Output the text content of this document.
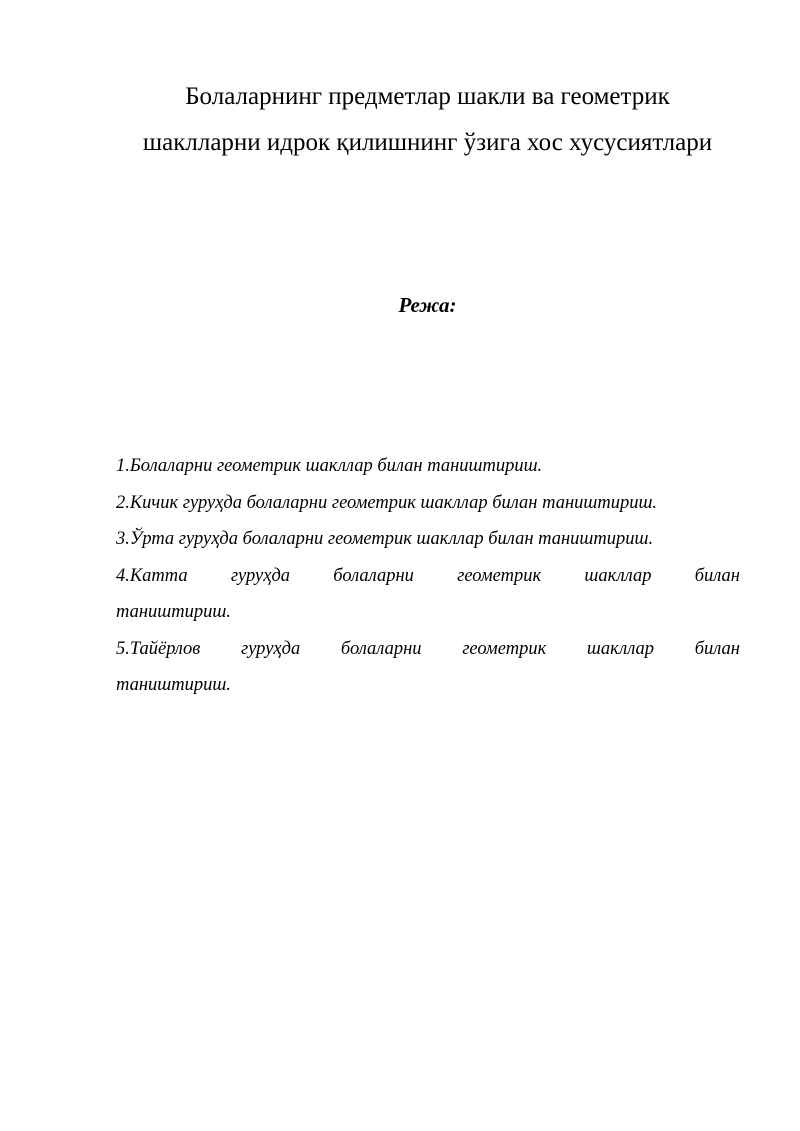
Болаларнинг предметлар шакли ва геометрик
шаклларни идрок қилишнинг ўзига хос хусусиятлари
Режа:
1.Болаларни геометрик шакллар билан таништириш.
2.Кичик гуруҳда болаларни геометрик шакллар билан таништириш.
3.Ўрта гуруҳда болаларни геометрик шакллар билан таништириш.
4.Катта гуруҳда болаларни геометрик шакллар билан
таништириш.
5.Тайёрлов гуруҳда болаларни геометрик шакллар билан
таништириш.
